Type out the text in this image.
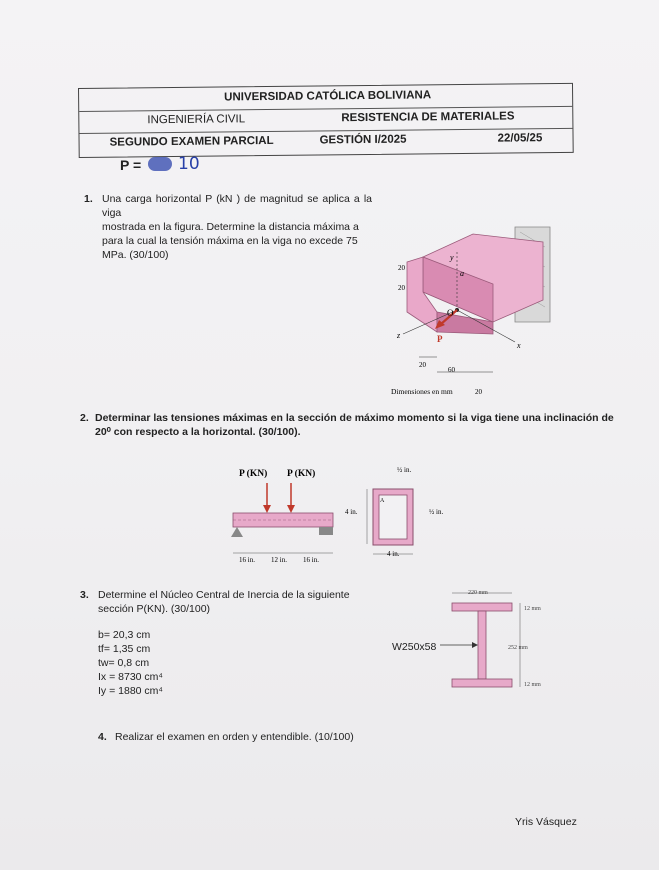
UNIVERSIDAD CATÓLICA BOLIVIANA
INGENIERÍA CIVIL	RESISTENCIA DE MATERIALES
SEGUNDO EXAMEN PARCIAL	GESTIÓN I/2025	22/05/25
P =	10
1. Una carga horizontal P (kN ) de magnitud se aplica a la viga
mostrada en la figura. Determine la distancia máxima a
para la cual la tensión máxima en la viga no excede 75
MPa. (30/100)
20
20
y
a
O
P
z
x
20
60
Dimensiones en mm	20
2. Determinar las tensiones máximas en la sección de máximo momento si la viga tiene una inclinación de
20⁰ con respecto a la horizontal. (30/100).
P (KN) P (KN)
16 in. 12 in. 16 in.
½ in.
4 in.
A
½ in.
4 in.
3. Determine el Núcleo Central de Inercia de la siguiente
sección P(KN). (30/100)
b= 20,3 cm
tf= 1,35 cm
tw= 0,8 cm
Ix = 8730 cm⁴
Iy = 1880 cm⁴
W250x58
220 mm
12 mm
252 mm
12 mm
4. Realizar el examen en orden y entendible. (10/100)
Yris Vásquez
